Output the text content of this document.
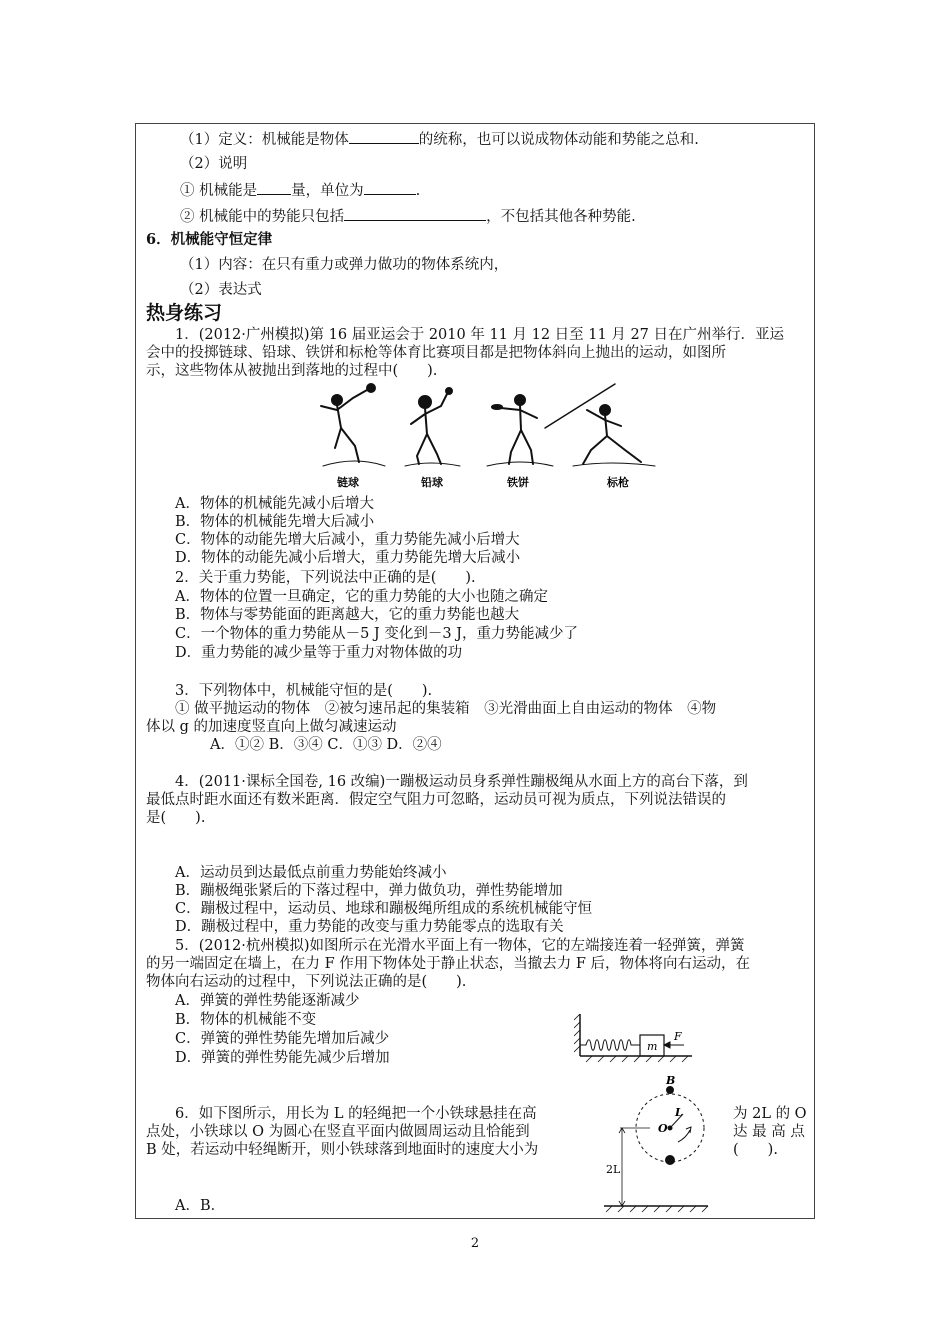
（1）定义：机械能是物体	的统称，也可以说成物体动能和势能之总和.
（2）说明
① 机械能是 量，单位为	.
② 机械能中的势能只包括	，不包括其他各种势能.
6．机械能守恒定律
（1）内容：在只有重力或弹力做功的物体系统内，
（2）表达式
热身练习
1．(2012·广州模拟)第 16 届亚运会于 2010 年 11 月 12 日至 11 月 27 日在广州举行．亚运
会中的投掷链球、铅球、铁饼和标枪等体育比赛项目都是把物体斜向上抛出的运动，如图所
示，这些物体从被抛出到落地的过程中(　　).
链球	铅球	铁饼	标枪
A．物体的机械能先减小后增大
B．物体的机械能先增大后减小
C．物体的动能先增大后减小，重力势能先减小后增大
D．物体的动能先减小后增大，重力势能先增大后减小
2．关于重力势能，下列说法中正确的是(　　).
A．物体的位置一旦确定，它的重力势能的大小也随之确定
B．物体与零势能面的距离越大，它的重力势能也越大
C．一个物体的重力势能从－5 J 变化到－3 J，重力势能减少了
D．重力势能的减少量等于重力对物体做的功
3．下列物体中，机械能守恒的是(　　).
① 做平抛运动的物体　②被匀速吊起的集装箱　③光滑曲面上自由运动的物体　④物
体以 g 的加速度竖直向上做匀减速运动
A．①② B．③④ C．①③ D．②④
4．(2011·课标全国卷, 16 改编)一蹦极运动员身系弹性蹦极绳从水面上方的高台下落，到
最低点时距水面还有数米距离．假定空气阻力可忽略，运动员可视为质点，下列说法错误的
是(　　).
A．运动员到达最低点前重力势能始终减小
B．蹦极绳张紧后的下落过程中，弹力做负功，弹性势能增加
C．蹦极过程中，运动员、地球和蹦极绳所组成的系统机械能守恒
D．蹦极过程中，重力势能的改变与重力势能零点的选取有关
5．(2012·杭州模拟)如图所示在光滑水平面上有一物体，它的左端接连着一轻弹簧，弹簧
的另一端固定在墙上，在力 F 作用下物体处于静止状态，当撤去力 F 后，物体将向右运动，在
物体向右运动的过程中，下列说法正确的是(　　).
A．弹簧的弹性势能逐渐减少
B．物体的机械能不变
C．弹簧的弹性势能先增加后减少
D．弹簧的弹性势能先减少后增加
m
F
6．如下图所示，用长为 L 的轻绳把一个小铁球悬挂在高
点处，小铁球以 O 为圆心在竖直平面内做圆周运动且恰能到
B 处，若运动中轻绳断开，则小铁球落到地面时的速度大小为
为 2L 的 O
达 最 高 点
(　　).
A．B．
B
O
L
2L
2
